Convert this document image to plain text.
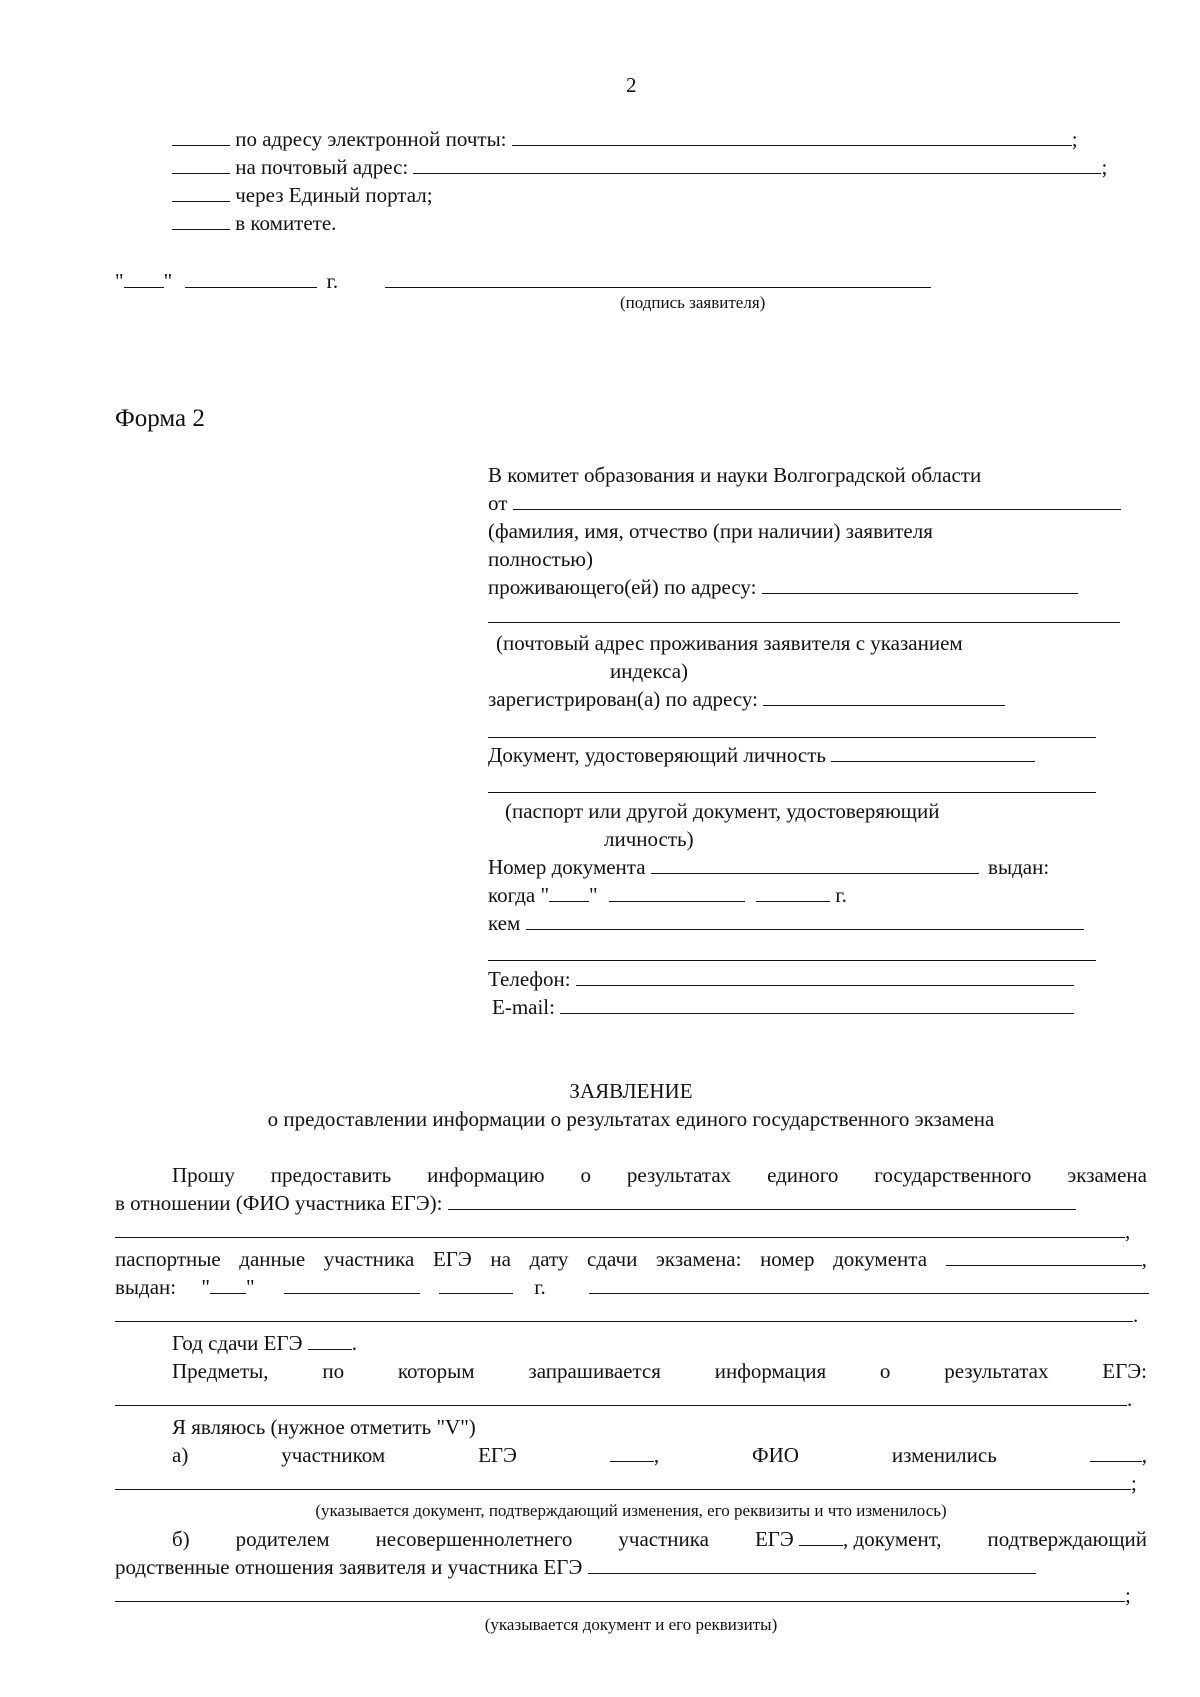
2
по адресу электронной почты:	;
на почтовый адрес:	;
через Единый портал;
в комитете.
" "	г.
(подпись заявителя)
Форма 2
В комитет образования и науки Волгоградской области
от
(фамилия, имя, отчество (при наличии) заявителя
полностью)
проживающего(ей) по адресу:
(почтовый адрес проживания заявителя с указанием
индекса)
зарегистрирован(а) по адресу:
Документ, удостоверяющий личность
(паспорт или другой документ, удостоверяющий
личность)
Номер документа	выдан:
когда " "	г.
кем
Телефон:
E-mail:
ЗАЯВЛЕНИЕ
о предоставлении информации о результатах единого государственного экзамена
Прошу предоставить информацию о результатах единого государственного экзамена
в отношении (ФИО участника ЕГЭ):
,
паспортные данные участника ЕГЭ на дату сдачи экзамена: номер документа	,
выдан: " "	г.
.
Год сдачи ЕГЭ .
Предметы,	по	которым	запрашивается	информация	о	результатах	ЕГЭ:
.
Я являюсь (нужное отметить "V")
а)	участником	ЕГЭ	,	ФИО	изменились	,
;
(указывается документ, подтверждающий изменения, его реквизиты и что изменилось)
б) родителем несовершеннолетнего участника ЕГЭ , документ, подтверждающий
родственные отношения заявителя и участника ЕГЭ
;
(указывается документ и его реквизиты)
